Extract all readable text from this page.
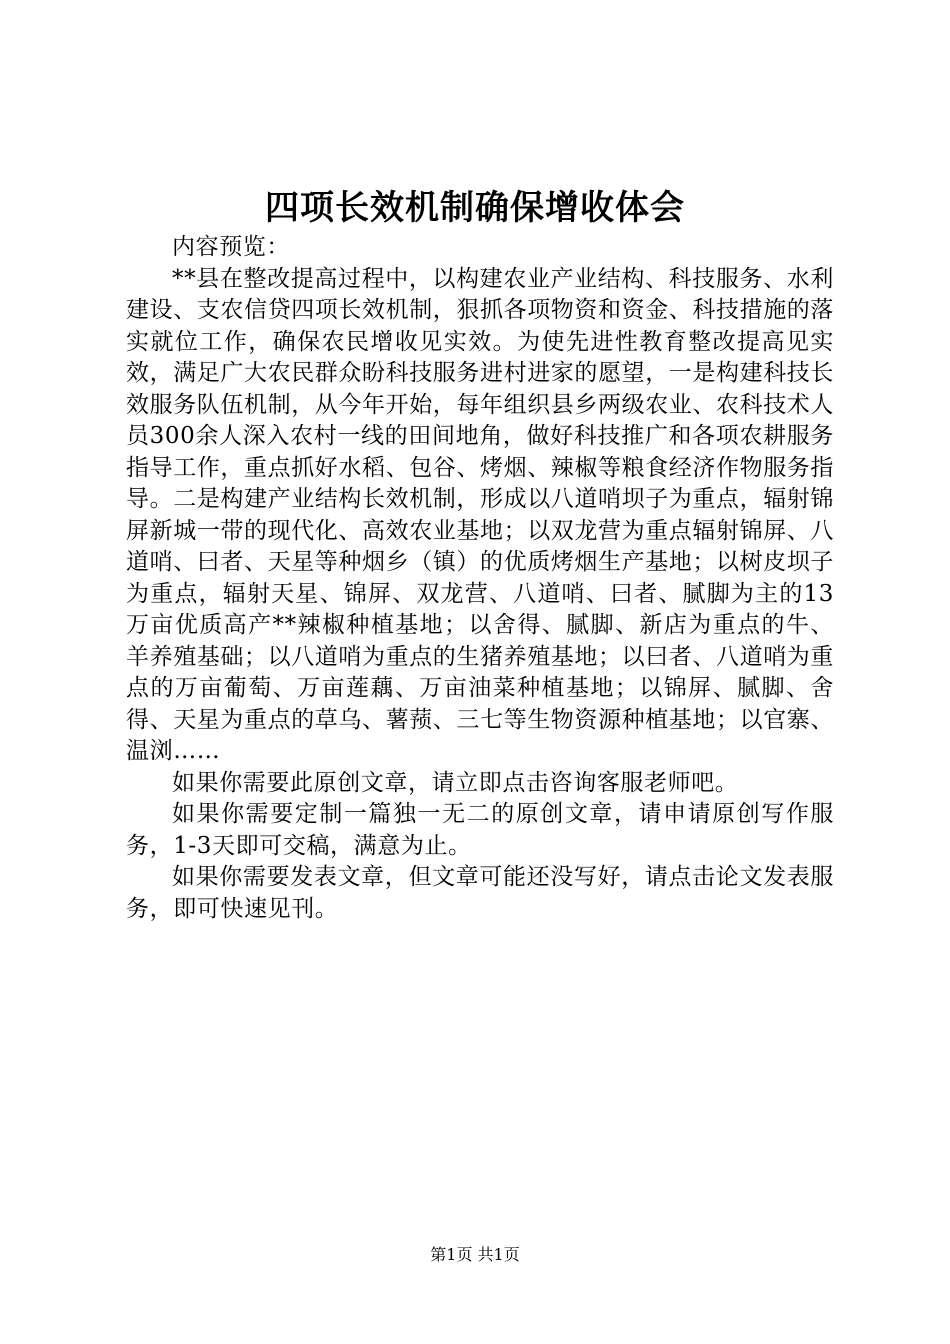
四项长效机制确保增收体会

内容预览：

**县在整改提高过程中，以构建农业产业结构、科技服务、水利建设、支农信贷四项长效机制，狠抓各项物资和资金、科技措施的落实就位工作，确保农民增收见实效。为使先进性教育整改提高见实效，满足广大农民群众盼科技服务进村进家的愿望，一是构建科技长效服务队伍机制，从今年开始，每年组织县乡两级农业、农科技术人员300余人深入农村一线的田间地角，做好科技推广和各项农耕服务指导工作，重点抓好水稻、包谷、烤烟、辣椒等粮食经济作物服务指导。二是构建产业结构长效机制，形成以八道哨坝子为重点，辐射锦屏新城一带的现代化、高效农业基地；以双龙营为重点辐射锦屏、八道哨、曰者、天星等种烟乡（镇）的优质烤烟生产基地；以树皮坝子为重点，辐射天星、锦屏、双龙营、八道哨、曰者、腻脚为主的13万亩优质高产**辣椒种植基地；以舍得、腻脚、新店为重点的牛、羊养殖基础；以八道哨为重点的生猪养殖基地；以曰者、八道哨为重点的万亩葡萄、万亩莲藕、万亩油菜种植基地；以锦屏、腻脚、舍得、天星为重点的草乌、薯蓣、三七等生物资源种植基地；以官寨、温浏……

如果你需要此原创文章，请立即点击咨询客服老师吧。

如果你需要定制一篇独一无二的原创文章，请申请原创写作服务，1-3天即可交稿，满意为止。

如果你需要发表文章，但文章可能还没写好，请点击论文发表服务，即可快速见刊。

第1页 共1页
